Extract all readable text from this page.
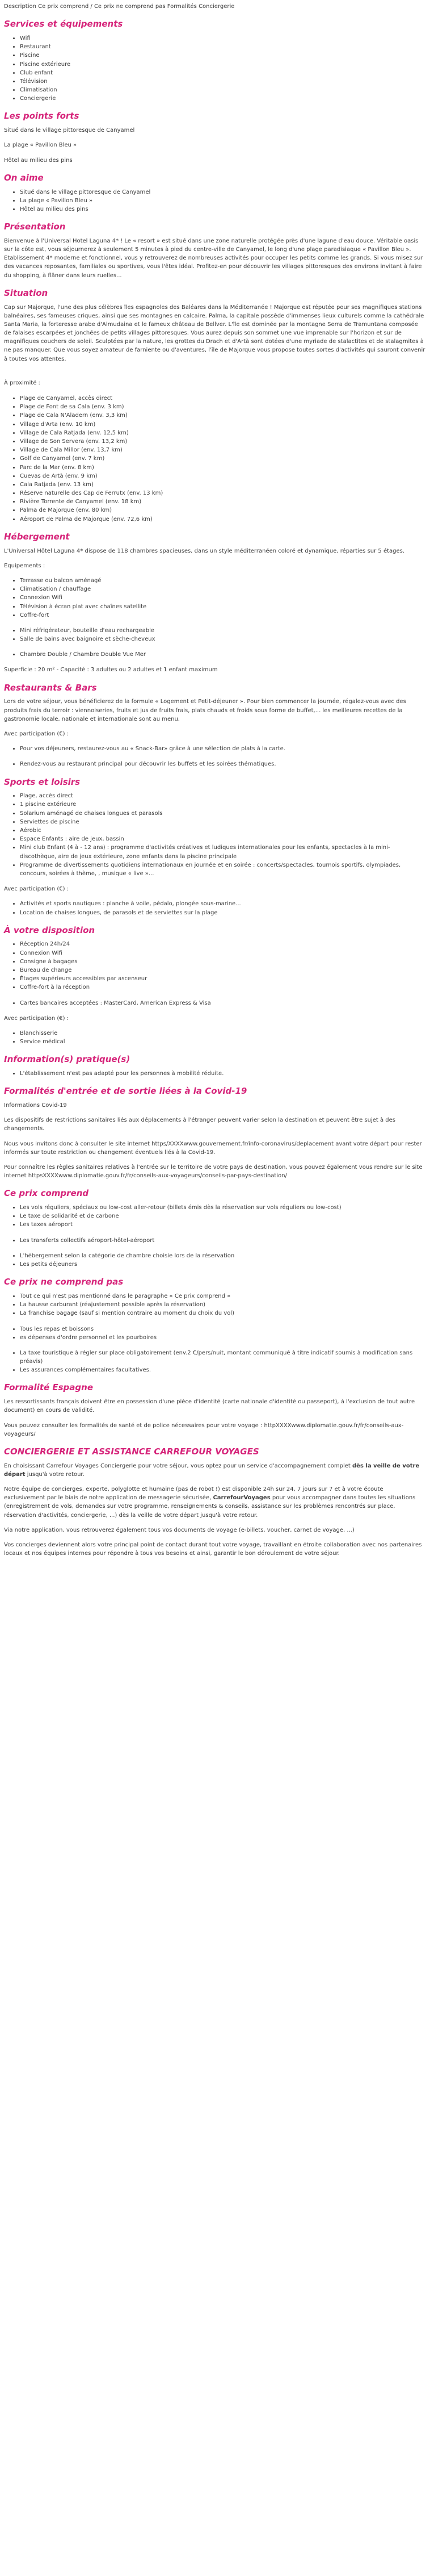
Description Ce prix comprend / Ce prix ne comprend pas Formalités Conciergerie
Services et équipements
• Wifi
• Restaurant
• Piscine
• Piscine extérieure
• Club enfant
• Télévision
• Climatisation
• Conciergerie
Les points forts

Situé dans le village pittoresque de Canyamel

La plage « Pavillon Bleu »

Hôtel au milieu des pins

On aime
• Situé dans le village pittoresque de Canyamel
• La plage « Pavillon Bleu »
• Hôtel au milieu des pins
Présentation

Bienvenue à l'Universal Hotel Laguna 4* ! Le « resort » est situé dans une zone naturelle protégée près d'une lagune d'eau douce. Véritable oasis sur la côte est, vous séjournerez à seulement 5 minutes à pied du centre-ville de Canyamel, le long d'une plage paradisiaque « Pavillon Bleu ». Etablissement 4* moderne et fonctionnel, vous y retrouverez de nombreuses activités pour occuper les petits comme les grands. Si vous misez sur des vacances reposantes, familiales ou sportives, vous l'êtes idéal. Profitez-en pour découvrir les villages pittoresques des environs invitant à faire du shopping, à flâner dans leurs ruelles...

Situation

Cap sur Majorque, l'une des plus célèbres îles espagnoles des Baléares dans la Méditerranée ! Majorque est réputée pour ses magnifiques stations balnéaires, ses fameuses criques, ainsi que ses montagnes en calcaire. Palma, la capitale possède d'immenses lieux culturels comme la cathédrale Santa Maria, la forteresse arabe d'Almudaina et le fameux château de Bellver. L'île est dominée par la montagne Serra de Tramuntana composée de falaises escarpées et jonchées de petits villages pittoresques. Vous aurez depuis son sommet une vue imprenable sur l'horizon et sur de magnifiques couchers de soleil. Sculptées par la nature, les grottes du Drach et d'Artà sont dotées d'une myriade de stalactites et de stalagmites à ne pas manquer. Que vous soyez amateur de farniente ou d'aventures, l'île de Majorque vous propose toutes sortes d'activités qui sauront convenir à toutes vos attentes.

À proximité :

• Plage de Canyamel, accès direct
• Plage de Font de sa Cala (env. 3 km)
• Plage de Cala N'Aladern (env. 3,3 km)
• Village d'Arta (env. 10 km)
• Village de Cala Ratjada (env. 12,5 km)
• Village de Son Servera (env. 13,2 km)
• Village de Cala Millor (env. 13,7 km)
• Golf de Canyamel (env. 7 km)
• Parc de la Mar (env. 8 km)
• Cuevas de Artà (env. 9 km)
• Cala Ratjada (env. 13 km)
• Réserve naturelle des Cap de Ferrutx (env. 13 km)
• Rivière Torrente de Canyamel (env. 18 km)
• Palma de Majorque (env. 80 km)
• Aéroport de Palma de Majorque (env. 72,6 km)
Hébergement

L'Universal Hôtel Laguna 4* dispose de 118 chambres spacieuses, dans un style méditerranéen coloré et dynamique, réparties sur 5 étages.

Equipements :

• Terrasse ou balcon aménagé
• Climatisation / chauffage
• Connexion Wifi
• Télévision à écran plat avec chaînes satellite
• Coffre-fort
• Mini réfrigérateur, bouteille d'eau rechargeable
• Salle de bains avec baignoire et sèche-cheveux
• Chambre Double / Chambre Double Vue Mer

Superficie : 20 m² - Capacité : 3 adultes ou 2 adultes et 1 enfant maximum

Restaurants & Bars

Lors de votre séjour, vous bénéficierez de la formule « Logement et Petit-déjeuner ». Pour bien commencer la journée, régalez-vous avec des produits frais du terroir : viennoiseries, fruits et jus de fruits frais, plats chauds et froids sous forme de buffet,... les meilleures recettes de la gastronomie locale, nationale et internationale sont au menu.

Avec participation (€) :

• Pour vos déjeuners, restaurez-vous au « Snack-Bar» grâce à une sélection de plats à la carte.
• Rendez-vous au restaurant principal pour découvrir les buffets et les soirées thématiques.
Sports et loisirs
• Plage, accès direct
• 1 piscine extérieure
• Solarium aménagé de chaises longues et parasols
• Serviettes de piscine
• Aérobic
• Espace Enfants : aire de jeux, bassin
• Mini club Enfant (4 à - 12 ans) : programme d'activités créatives et ludiques internationales pour les enfants, spectacles à la mini-discothèque, aire de jeux extérieure, zone enfants dans la piscine principale
• Programme de divertissements quotidiens internationaux en journée et en soirée : concerts/spectacles, tournois sportifs, olympiades, concours, soirées à thème, , musique « live »...

Avec participation (€) :

• Activités et sports nautiques : planche à voile, pédalo, plongée sous-marine...
• Location de chaises longues, de parasols et de serviettes sur la plage
À votre disposition
• Réception 24h/24
• Connexion Wifi
• Consigne à bagages
• Bureau de change
• Étages supérieurs accessibles par ascenseur
• Coffre-fort à la réception
• Cartes bancaires acceptées : MasterCard, American Express & Visa

Avec participation (€) :

• Blanchisserie
• Service médical
Information(s) pratique(s)
• L'établissement n'est pas adapté pour les personnes à mobilité réduite.
Formalités d'entrée et de sortie liées à la Covid-19

Informations Covid-19

Les dispositifs de restrictions sanitaires liés aux déplacements à l'étranger peuvent varier selon la destination et peuvent être sujet à des changements.

Nous vous invitons donc à consulter le site internet https/XXXXwww.gouvernement.fr/info-coronavirus/deplacement avant votre départ pour rester informés sur toute restriction ou changement éventuels liés à la Covid-19.

Pour connaître les règles sanitaires relatives à l'entrée sur le territoire de votre pays de destination, vous pouvez également vous rendre sur le site internet httpsXXXXwww.diplomatie.gouv.fr/fr/conseils-aux-voyageurs/conseils-par-pays-destination/

Ce prix comprend
• Les vols réguliers, spéciaux ou low-cost aller-retour (billets émis dès la réservation sur vols réguliers ou low-cost)
• Le taxe de solidarité et de carbone
• Les taxes aéroport
• Les transferts collectifs aéroport-hôtel-aéroport
• L'hébergement selon la catégorie de chambre choisie lors de la réservation
• Les petits déjeuners
Ce prix ne comprend pas
• Tout ce qui n'est pas mentionné dans le paragraphe « Ce prix comprend »
• La hausse carburant (réajustement possible après la réservation)
• La franchise bagage (sauf si mention contraire au moment du choix du vol)
• Tous les repas et boissons
• es dépenses d'ordre personnel et les pourboires
• La taxe touristique à régler sur place obligatoirement (env.2 €/pers/nuit, montant communiqué à titre indicatif soumis à modification sans préavis)
• Les assurances complémentaires facultatives.
Formalité Espagne

Les ressortissants français doivent être en possession d'une pièce d'identité (carte nationale d'identité ou passeport), à l'exclusion de tout autre document) en cours de validité.

Vous pouvez consulter les formalités de santé et de police nécessaires pour votre voyage : httpXXXXwww.diplomatie.gouv.fr/fr/conseils-aux-voyageurs/

CONCIERGERIE ET ASSISTANCE CARREFOUR VOYAGES

En choisissant Carrefour Voyages Conciergerie pour votre séjour, vous optez pour un service d'accompagnement complet dès la veille de votre départ jusqu'à votre retour.

Notre équipe de concierges, experte, polyglotte et humaine (pas de robot !) est disponible 24h sur 24, 7 jours sur 7 et à votre écoute exclusivement par le biais de notre application de messagerie sécurisée, CarrefourVoyages pour vous accompagner dans toutes les situations (enregistrement de vols, demandes sur votre programme, renseignements & conseils, assistance sur les problèmes rencontrés sur place, réservation d'activités, conciergerie, ...) dès la veille de votre départ jusqu'à votre retour.

Via notre application, vous retrouverez également tous vos documents de voyage (e-billets, voucher, carnet de voyage, ...)

Vos concierges deviennent alors votre principal point de contact durant tout votre voyage, travaillant en étroite collaboration avec nos partenaires locaux et nos équipes internes pour répondre à tous vos besoins et ainsi, garantir le bon déroulement de votre séjour.
